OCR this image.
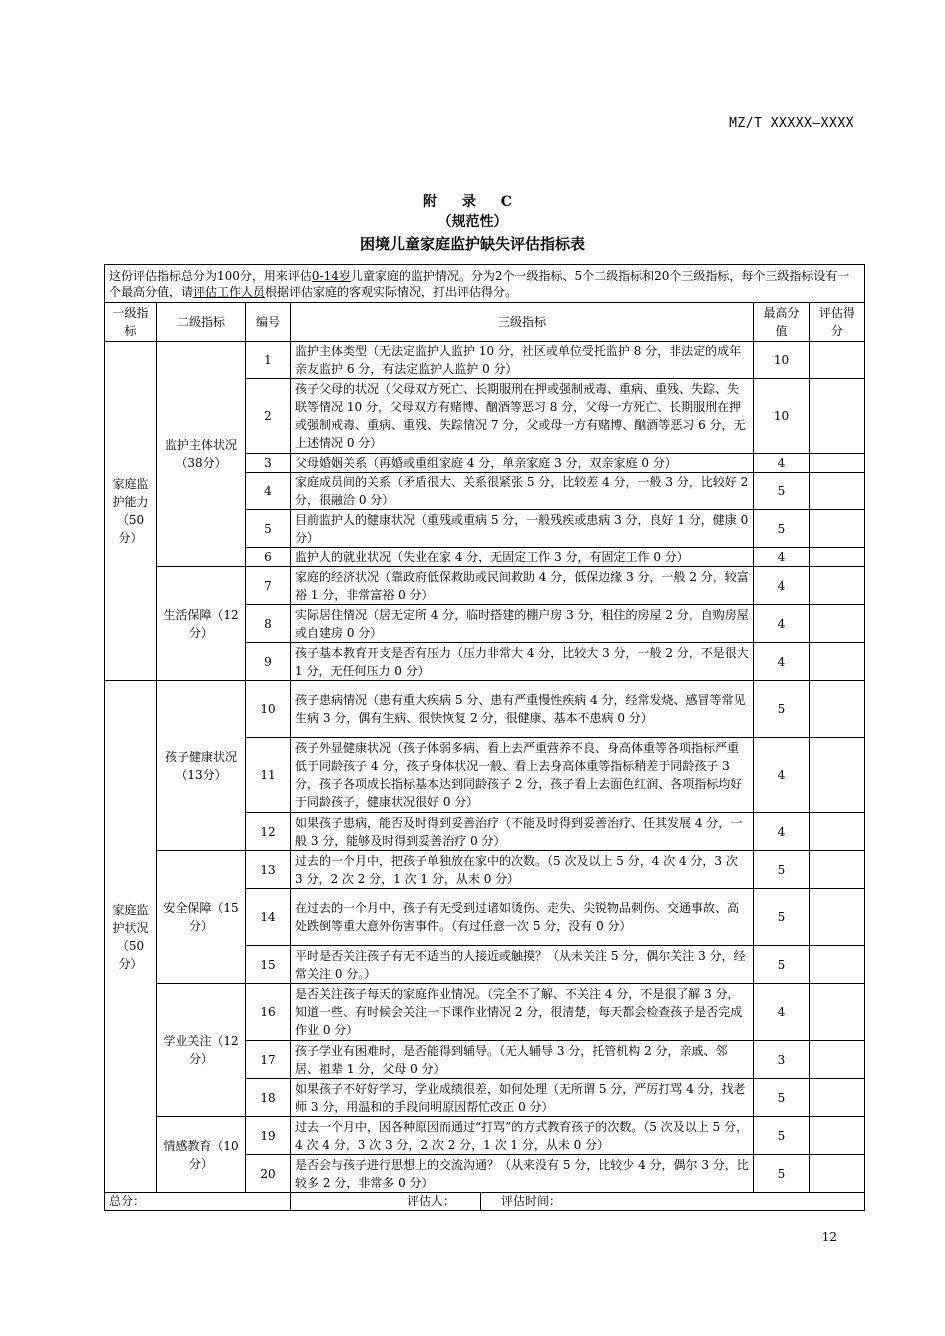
MZ/T XXXXX—XXXX
附 录 C
（规范性）
困境儿童家庭监护缺失评估指标表
这份评估指标总分为100分，用来评估0-14岁儿童家庭的监护情况。分为2个一级指标、5个二级指标和20个三级指标，每个三级指标设有一个最高分值，请评估工作人员根据评估家庭的客观实际情况，打出评估得分。					
一级指标	二级指标	编号	三级指标	最高分值	评估得分
家庭监护能力（50分）	监护主体状况（38分）	1	监护主体类型（无法定监护人监护 10 分，社区或单位受托监护 8 分，非法定的成年亲友监护 6 分，有法定监护人监护 0 分）	10	
		2	孩子父母的状况（父母双方死亡、长期服刑在押或强制戒毒、重病、重残、失踪、失联等情况 10 分，父母双方有赌博、酗酒等恶习 8 分，父母一方死亡、长期服刑在押或强制戒毒、重病、重残、失踪情况 7 分，父或母一方有赌博、酗酒等恶习 6 分，无上述情况 0 分）	10	
		3	父母婚姻关系（再婚或重组家庭 4 分，单亲家庭 3 分，双亲家庭 0 分）	4	
		4	家庭成员间的关系（矛盾很大、关系很紧张 5 分，比较差 4 分，一般 3 分，比较好 2 分，很融洽 0 分）	5	
		5	目前监护人的健康状况（重残或重病 5 分，一般残疾或患病 3 分，良好 1 分，健康 0 分）	5	
		6	监护人的就业状况（失业在家 4 分，无固定工作 3 分，有固定工作 0 分）	4	
	生活保障（12分）	7	家庭的经济状况（靠政府低保救助或民间救助 4 分，低保边缘 3 分，一般 2 分，较富裕 1 分，非常富裕 0 分）	4	
		8	实际居住情况（居无定所 4 分，临时搭建的棚户房 3 分，租住的房屋 2 分，自购房屋或自建房 0 分）	4	
		9	孩子基本教育开支是否有压力（压力非常大 4 分，比较大 3 分，一般 2 分，不是很大 1 分，无任何压力 0 分）	4	
家庭监护状况（50分）	孩子健康状况（13分）	10	孩子患病情况（患有重大疾病 5 分、患有严重慢性疾病 4 分，经常发烧、感冒等常见生病 3 分，偶有生病、很快恢复 2 分，很健康、基本不患病 0 分）	5	
		11	孩子外显健康状况（孩子体弱多病、看上去严重营养不良、身高体重等各项指标严重低于同龄孩子 4 分，孩子身体状况一般、看上去身高体重等指标稍差于同龄孩子 3 分，孩子各项成长指标基本达到同龄孩子 2 分，孩子看上去面色红润、各项指标均好于同龄孩子，健康状况很好 0 分）	4	
		12	如果孩子患病，能否及时得到妥善治疗（不能及时得到妥善治疗、任其发展 4 分，一般 3 分，能够及时得到妥善治疗 0 分）	4	
	安全保障（15分）	13	过去的一个月中，把孩子单独放在家中的次数。（5 次及以上 5 分，4 次 4 分，3 次 3 分，2 次 2 分，1 次 1 分，从未 0 分）	5	
		14	在过去的一个月中，孩子有无受到过诸如烫伤、走失、尖锐物品刺伤、交通事故、高处跌倒等重大意外伤害事件。（有过任意一次 5 分，没有 0 分）	5	
		15	平时是否关注孩子有无不适当的人接近或触摸？（从未关注 5 分，偶尔关注 3 分，经常关注 0 分。）	5	
	学业关注（12分）	16	是否关注孩子每天的家庭作业情况。（完全不了解、不关注 4 分，不是很了解 3 分，知道一些、有时候会关注一下课作业情况 2 分，很清楚，每天都会检查孩子是否完成作业 0 分）	4	
		17	孩子学业有困难时，是否能得到辅导。（无人辅导 3 分，托管机构 2 分，亲戚、邻居、祖辈 1 分，父母 0 分）	3	
		18	如果孩子不好好学习，学业成绩很差，如何处理（无所谓 5 分，严厉打骂 4 分，找老师 3 分，用温和的手段问明原因帮忙改正 0 分）	5	
	情感教育（10分）	19	过去一个月中，因各种原因而通过“打骂”的方式教育孩子的次数。（5 次及以上 5 分，4 次 4 分，3 次 3 分，2 次 2 分，1 次 1 分，从未 0 分）	5	
		20	是否会与孩子进行思想上的交流沟通？（从来没有 5 分，比较少 4 分，偶尔 3 分，比较多 2 分，非常多 0 分）	5	
总分：			评估人： 评估时间：		
12
